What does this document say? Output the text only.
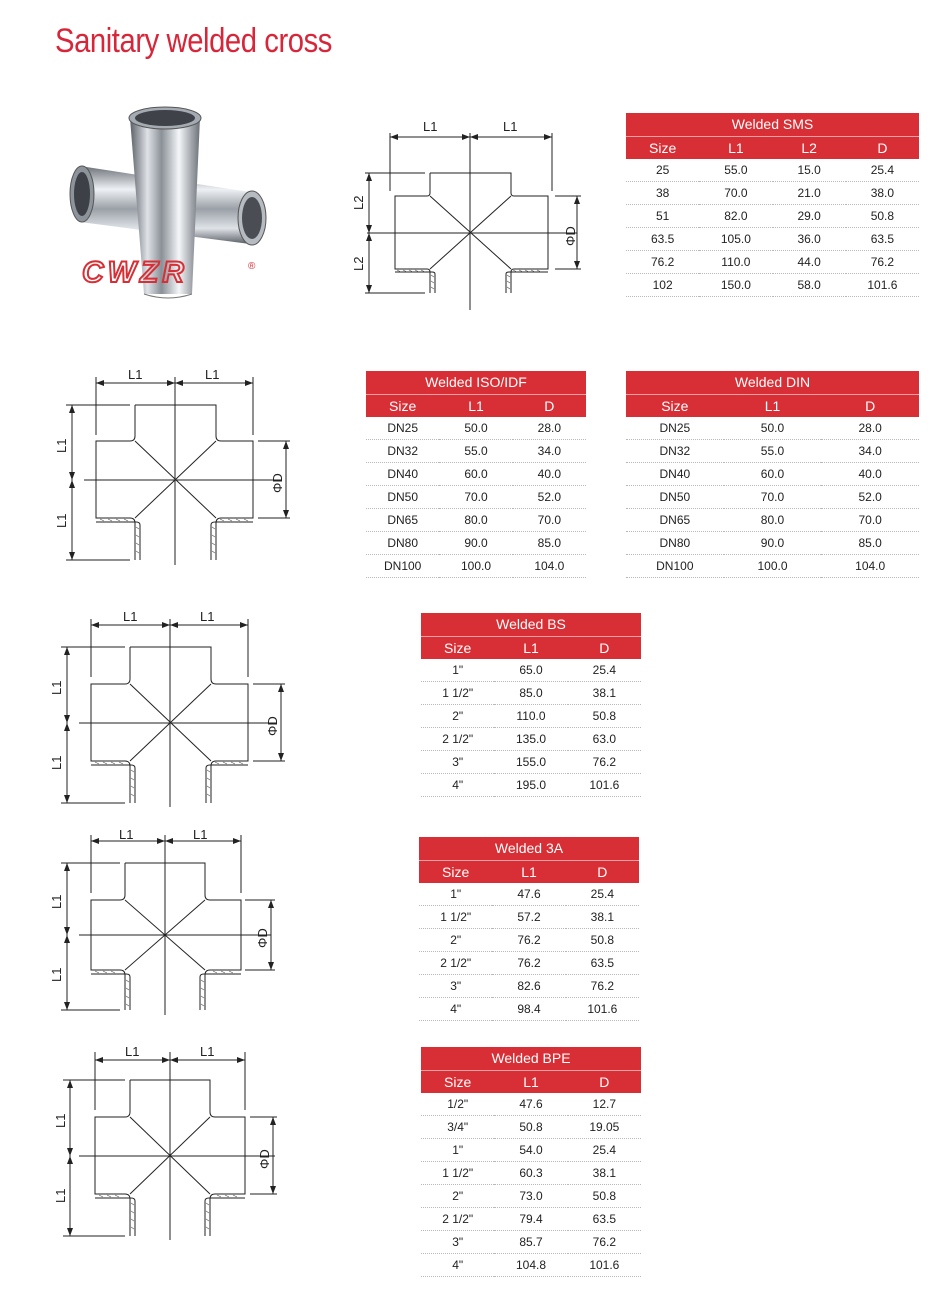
Sanitary welded cross
CWZR	®
L1	L1
L2
L2
ΦD
L1	L1
L1
L1
ΦD
L1	L1
L1
L1
ΦD
L1	L1
L1
L1
ΦD
L1	L1
L1
L1
ΦD
Welded SMS
Size	L1	L2	D
25	55.0	15.0	25.4
38	70.0	21.0	38.0
51	82.0	29.0	50.8
63.5	105.0	36.0	63.5
76.2	110.0	44.0	76.2
102	150.0	58.0	101.6
Welded ISO/IDF
Size	L1	D
DN25	50.0	28.0
DN32	55.0	34.0
DN40	60.0	40.0
DN50	70.0	52.0
DN65	80.0	70.0
DN80	90.0	85.0
DN100	100.0	104.0
Welded DIN
Size	L1	D
DN25	50.0	28.0
DN32	55.0	34.0
DN40	60.0	40.0
DN50	70.0	52.0
DN65	80.0	70.0
DN80	90.0	85.0
DN100	100.0	104.0
Welded BS
Size	L1	D
1"	65.0	25.4
1 1/2"	85.0	38.1
2"	110.0	50.8
2 1/2"	135.0	63.0
3"	155.0	76.2
4"	195.0	101.6
Welded 3A
Size	L1	D
1"	47.6	25.4
1 1/2"	57.2	38.1
2"	76.2	50.8
2 1/2"	76.2	63.5
3"	82.6	76.2
4"	98.4	101.6
Welded BPE
Size	L1	D
1/2"	47.6	12.7
3/4"	50.8	19.05
1"	54.0	25.4
1 1/2"	60.3	38.1
2"	73.0	50.8
2 1/2"	79.4	63.5
3"	85.7	76.2
4"	104.8	101.6
